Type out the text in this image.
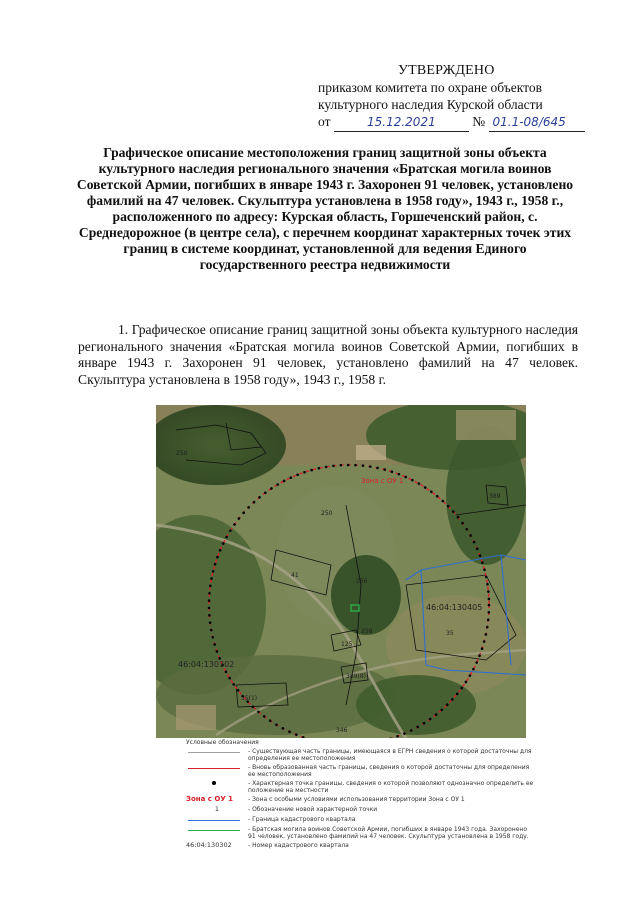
УТВЕРЖДЕНО
приказом комитета по охране объектов
культурного наследия Курской области
от	15.12.2021	№ 01.1-08/645
Графическое описание местоположения границ защитной зоны объекта культурного наследия регионального значения «Братская могила воинов Советской Армии, погибших в январе 1943 г. Захоронен 91 человек, установлено фамилий на 47 человек. Скульптура установлена в 1958 году», 1943 г., 1958 г., расположенного по адресу: Курская область, Горшеченский район, с. Среднедорожное (в центре села), с перечнем координат характерных точек этих границ в системе координат, установленной для ведения Единого государственного реестра недвижимости
1. Графическое описание границ защитной зоны объекта культурного наследия регионального значения «Братская могила воинов Советской Армии, погибших в январе 1943 г. Захоронен 91 человек, установлено фамилий на 47 человек. Скульптура установлена в 1958 году», 1943 г., 1958 г.
46:04:130302
46:04:130405
Зона с ОУ 1
41
250
256
125
389(8)
35(1)
258
389
35
346
250
Условные обозначения
- Существующая часть границы, имеющаяся в ЕГРН сведения о которой достаточны для определения ее местоположения
- Вновь образованная часть границы, сведения о которой достаточны для определения ее местоположения
- Характерная точка границы, сведения о которой позволяют однозначно определить ее положение на местности
Зона с ОУ 1	- Зона с особыми условиями использования территории Зона с ОУ 1
1	- Обозначение новой характерной точки
- Граница кадастрового квартала
- Братская могила воинов Советской Армии, погибших в январе 1943 года. Захоронено 91 человек, установлено фамилий на 47 человек. Скульптура установлена в 1958 году.
46:04:130302	- Номер кадастрового квартала
